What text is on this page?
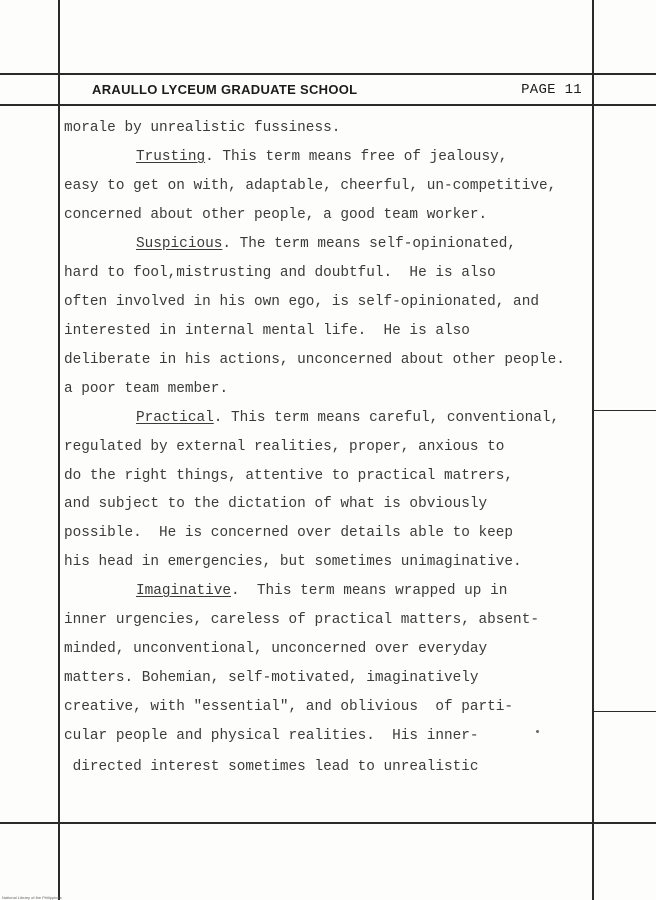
ARAULLO LYCEUM GRADUATE SCHOOL	PAGE 11
morale by unrealistic fussiness.
Trusting. This term means free of jealousy,
easy to get on with, adaptable, cheerful, un-competitive,
concerned about other people, a good team worker.
Suspicious. The term means self-opinionated,
hard to fool,mistrusting and doubtful.  He is also
often involved in his own ego, is self-opinionated, and
interested in internal mental life.  He is also
deliberate in his actions, unconcerned about other people.
a poor team member.
Practical. This term means careful, conventional,
regulated by external realities, proper, anxious to
do the right things, attentive to practical matrers,
and subject to the dictation of what is obviously
possible.  He is concerned over details able to keep
his head in emergencies, but sometimes unimaginative.
Imaginative.  This term means wrapped up in
inner urgencies, careless of practical matters, absent-
minded, unconventional, unconcerned over everyday
matters. Bohemian, self-motivated, imaginatively
creative, with "essential", and oblivious  of parti-
cular people and physical realities.  His inner-
directed interest sometimes lead to unrealistic
National Library of the Philippines
